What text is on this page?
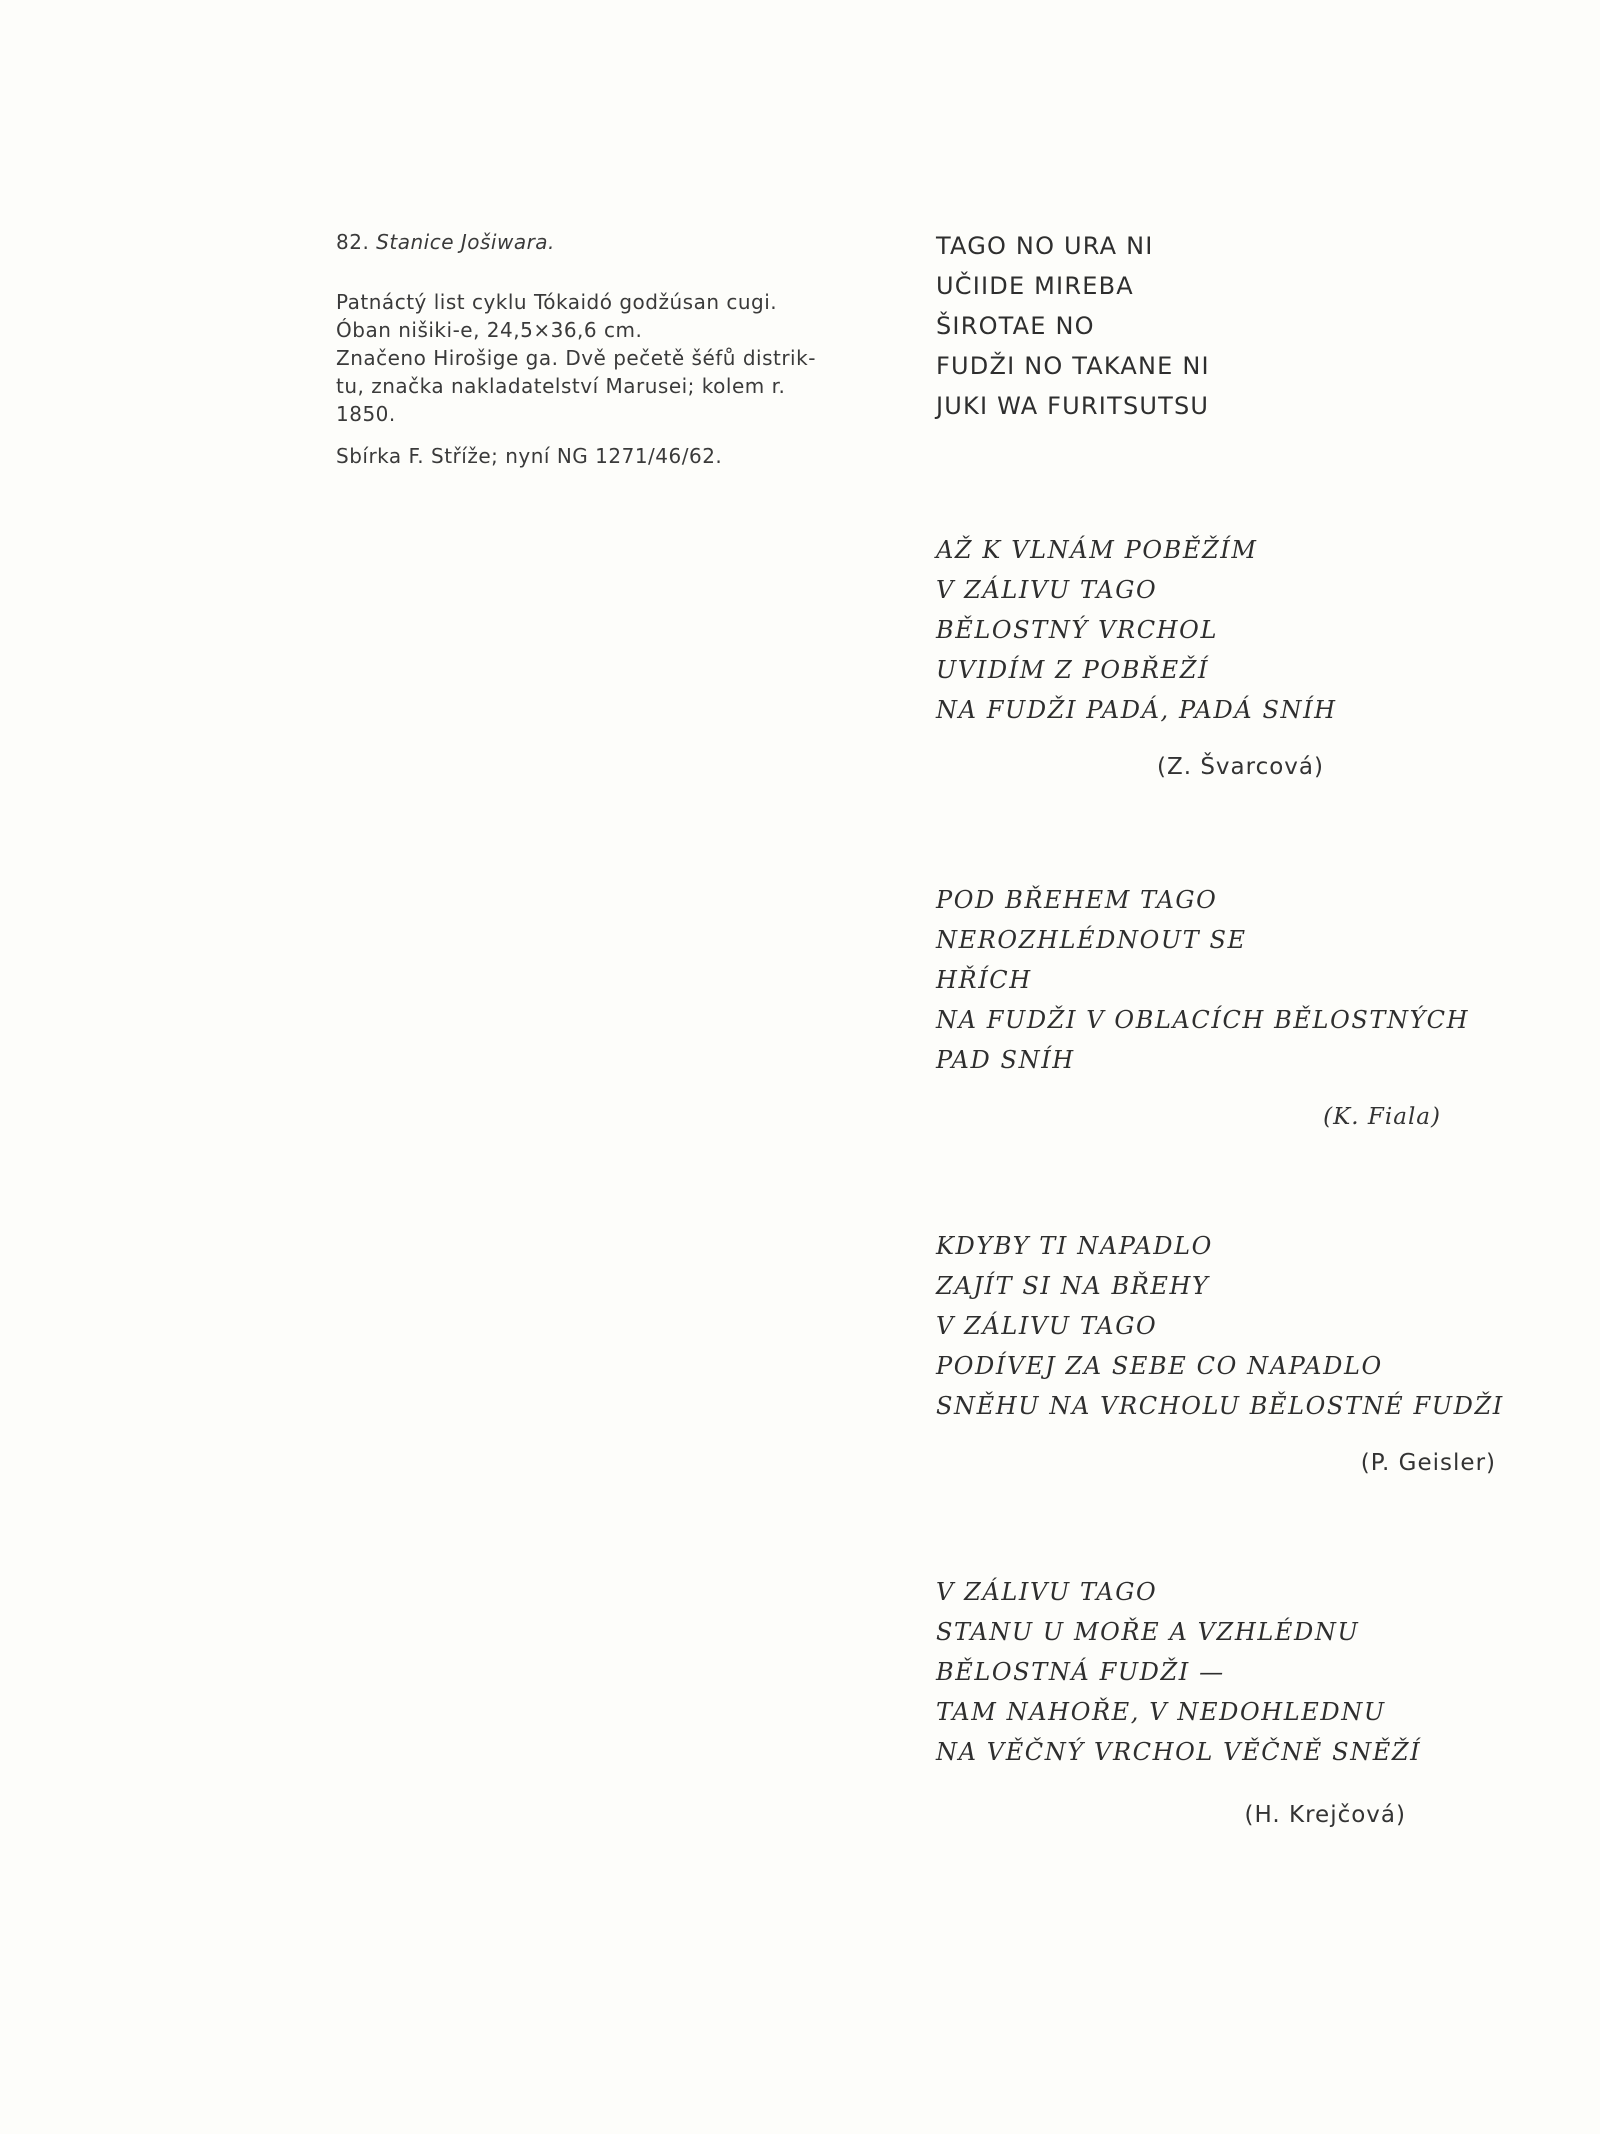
82. Stanice Jošiwara.

Patnáctý list cyklu Tókaidó godžúsan cugi.
Óban nišiki-e, 24,5×36,6 cm.
Značeno Hirošige ga. Dvě pečetě šéfů distrik-
tu, značka nakladatelství Marusei; kolem r.
1850.

Sbírka F. Stříže; nyní NG 1271/46/62.

TAGO NO URA NI
UČIIDE MIREBA
ŠIROTAE NO
FUDŽI NO TAKANE NI
JUKI WA FURITSUTSU

AŽ K VLNÁM POBĚŽÍM
V ZÁLIVU TAGO
BĚLOSTNÝ VRCHOL
UVIDÍM Z POBŘEŽÍ
NA FUDŽI PADÁ, PADÁ SNÍH

(Z. Švarcová)

POD BŘEHEM TAGO
NEROZHLÉDNOUT SE
HŘÍCH
NA FUDŽI V OBLACÍCH BĚLOSTNÝCH
PAD SNÍH

(K. Fiala)

KDYBY TI NAPADLO
ZAJÍT SI NA BŘEHY
V ZÁLIVU TAGO
PODÍVEJ ZA SEBE CO NAPADLO
SNĚHU NA VRCHOLU BĚLOSTNÉ FUDŽI

(P. Geisler)

V ZÁLIVU TAGO
STANU U MOŘE A VZHLÉDNU
BĚLOSTNÁ FUDŽI —
TAM NAHOŘE, V NEDOHLEDNU
NA VĚČNÝ VRCHOL VĚČNĚ SNĚŽÍ

(H. Krejčová)
